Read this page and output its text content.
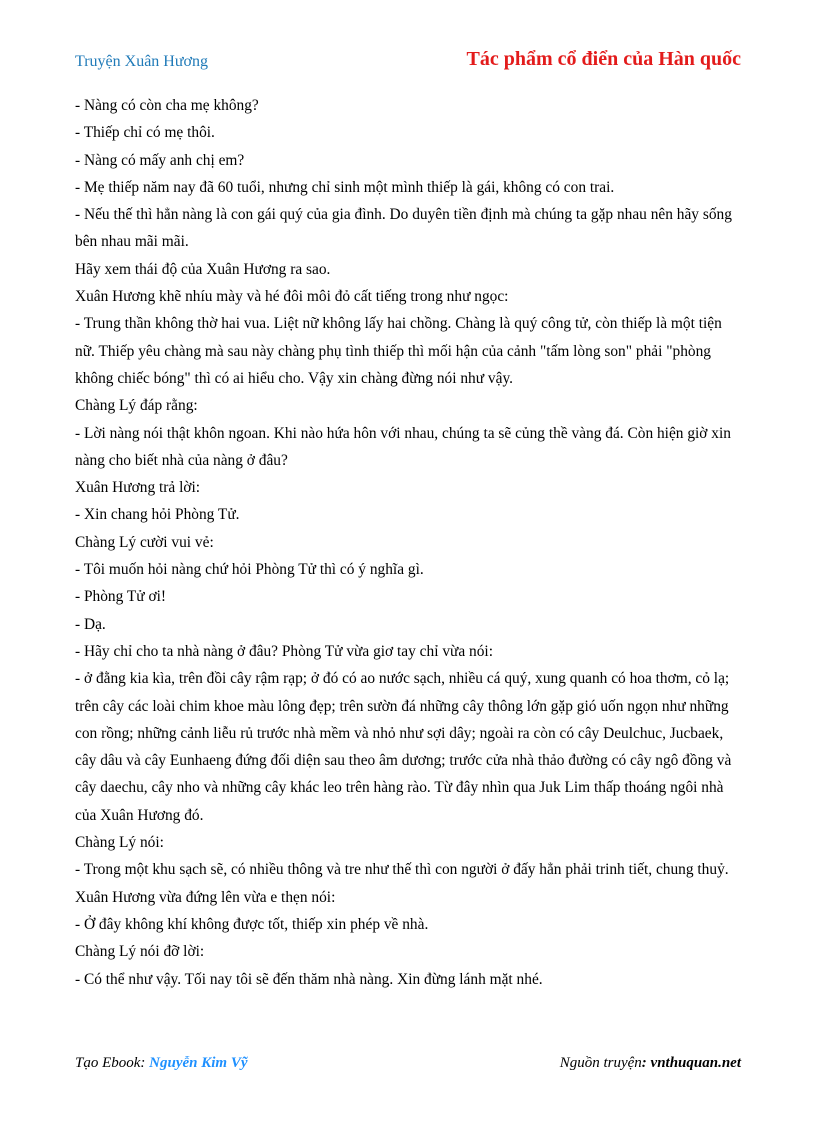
Truyện Xuân Hương	Tác phẩm cổ điển của Hàn quốc

- Nàng có còn cha mẹ không?

- Thiếp chỉ có mẹ thôi.

- Nàng có mấy anh chị em?

- Mẹ thiếp năm nay đã 60 tuổi, nhưng chỉ sinh một mình thiếp là gái, không có con trai.

- Nếu thế thì hẳn nàng là con gái quý của gia đình. Do duyên tiền định mà chúng ta gặp nhau nên hãy sống bên nhau mãi mãi.

Hãy xem thái độ của Xuân Hương ra sao.

Xuân Hương khẽ nhíu mày và hé đôi môi đỏ cất tiếng trong như ngọc:

- Trung thần không thờ hai vua. Liệt nữ không lấy hai chồng. Chàng là quý công tử, còn thiếp là một tiện nữ. Thiếp yêu chàng mà sau này chàng phụ tình thiếp thì mối hận của cảnh "tấm lòng son" phải "phòng không chiếc bóng" thì có ai hiểu cho. Vậy xin chàng đừng nói như vậy.

Chàng Lý đáp rằng:

- Lời nàng nói thật khôn ngoan. Khi nào hứa hôn với nhau, chúng ta sẽ củng thề vàng đá. Còn hiện giờ xin nàng cho biết nhà của nàng ở đâu?

Xuân Hương trả lời:

- Xin chang hỏi Phòng Tử.

Chàng Lý cười vui vẻ:

- Tôi muốn hỏi nàng chứ hỏi Phòng Tử thì có ý nghĩa gì.

- Phòng Tử ơi!

- Dạ.

- Hãy chỉ cho ta nhà nàng ở đâu? Phòng Tử vừa giơ tay chỉ vừa nói:

- ở đằng kia kìa, trên đồi cây rậm rạp; ở đó có ao nước sạch, nhiều cá quý, xung quanh có hoa thơm, cỏ lạ; trên cây các loài chim khoe màu lông đẹp; trên sườn đá những cây thông lớn gặp gió uốn ngọn như những con rồng; những cảnh liễu rủ trước nhà mềm và nhỏ như sợi dây; ngoài ra còn có cây Deulchuc, Jucbaek, cây dâu và cây Eunhaeng đứng đối diện sau theo âm dương; trước cửa nhà thảo đường có cây ngô đồng và cây daechu, cây nho và những cây khác leo trên hàng rào. Từ đây nhìn qua Juk Lim thấp thoáng ngôi nhà của Xuân Hương đó.

Chàng Lý nói:

- Trong một khu sạch sẽ, có nhiều thông và tre như thế thì con người ở đấy hẳn phải trinh tiết, chung thuỷ.

Xuân Hương vừa đứng lên vừa e thẹn nói:

- Ở đây không khí không được tốt, thiếp xin phép về nhà.

Chàng Lý nói đỡ lời:

- Có thể như vậy. Tối nay tôi sẽ đến thăm nhà nàng. Xin đừng lánh mặt nhé.

Tạo Ebook: Nguyễn Kim Vỹ	Nguồn truyện: vnthuquan.net
